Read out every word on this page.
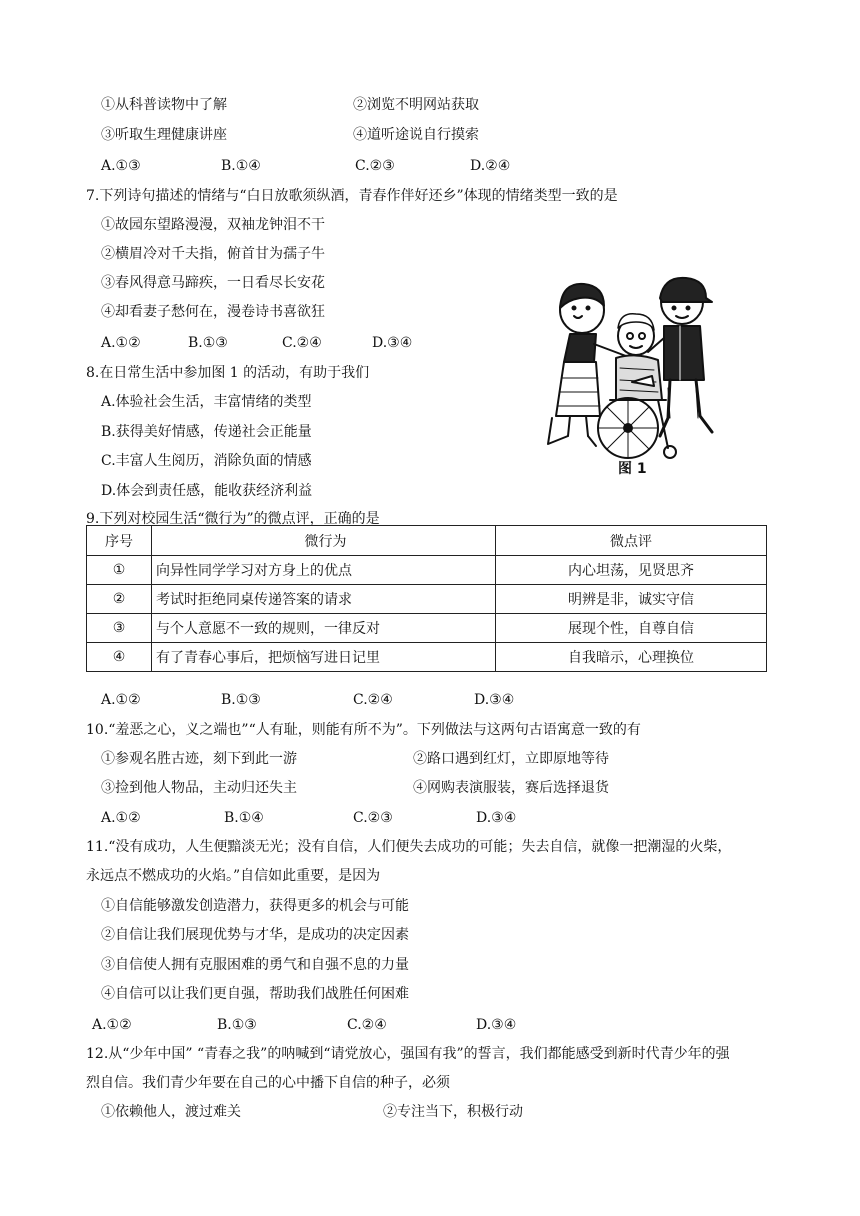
①从科普读物中了解	②浏览不明网站获取
③听取生理健康讲座	④道听途说自行摸索
A.①③	B.①④	C.②③	D.②④
7.下列诗句描述的情绪与“白日放歌须纵酒，青春作伴好还乡”体现的情绪类型一致的是
①故园东望路漫漫，双袖龙钟泪不干
②横眉冷对千夫指，俯首甘为孺子牛
③春风得意马蹄疾，一日看尽长安花
④却看妻子愁何在，漫卷诗书喜欲狂
A.①②	B.①③	C.②④	D.③④
图 1
8.在日常生活中参加图 1 的活动，有助于我们
A.体验社会生活，丰富情绪的类型
B.获得美好情感，传递社会正能量
C.丰富人生阅历，消除负面的情感
D.体会到责任感，能收获经济利益
9.下列对校园生活“微行为”的微点评，正确的是
序号	微行为	微点评
①	向异性同学学习对方身上的优点	内心坦荡，见贤思齐
②	考试时拒绝同桌传递答案的请求	明辨是非，诚实守信
③	与个人意愿不一致的规则，一律反对	展现个性，自尊自信
④	有了青春心事后，把烦恼写进日记里	自我暗示，心理换位
A.①②	B.①③	C.②④	D.③④
10.“羞恶之心，义之端也”“人有耻，则能有所不为”。下列做法与这两句古语寓意一致的有
①参观名胜古迹，刻下到此一游	②路口遇到红灯，立即原地等待
③捡到他人物品，主动归还失主	④网购表演服装，赛后选择退货
A.①②	B.①④	C.②③	D.③④
11.“没有成功，人生便黯淡无光；没有自信，人们便失去成功的可能；失去自信，就像一把潮湿的火柴，
永远点不燃成功的火焰。”自信如此重要，是因为
①自信能够激发创造潜力，获得更多的机会与可能
②自信让我们展现优势与才华，是成功的决定因素
③自信使人拥有克服困难的勇气和自强不息的力量
④自信可以让我们更自强，帮助我们战胜任何困难
A.①②	B.①③	C.②④	D.③④
12.从“少年中国” “青春之我”的呐喊到“请党放心，强国有我”的誓言，我们都能感受到新时代青少年的强
烈自信。我们青少年要在自己的心中播下自信的种子，必须
①依赖他人，渡过难关	②专注当下，积极行动
